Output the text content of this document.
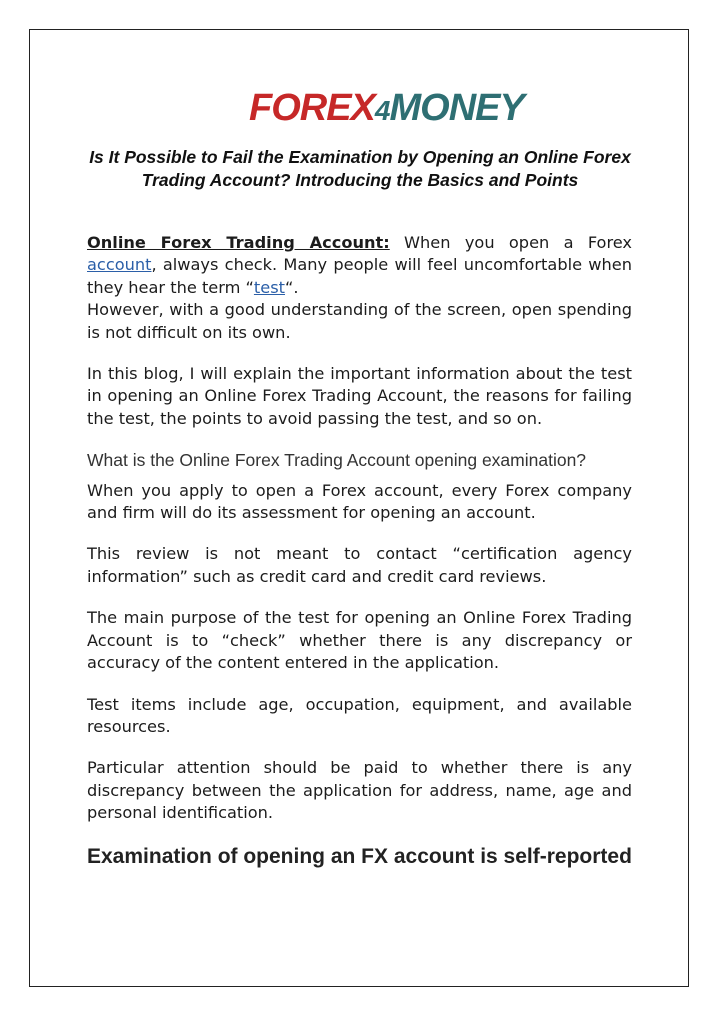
FOREX4MONEY
Is It Possible to Fail the Examination by Opening an Online Forex Trading Account? Introducing the Basics and Points

Online Forex Trading Account: When you open a Forex account, always check. Many people will feel uncomfortable when they hear the term “test“.

However, with a good understanding of the screen, open spending is not difficult on its own.

In this blog, I will explain the important information about the test in opening an Online Forex Trading Account, the reasons for failing the test, the points to avoid passing the test, and so on.

What is the Online Forex Trading Account opening examination?

When you apply to open a Forex account, every Forex company and firm will do its assessment for opening an account.

This review is not meant to contact “certification agency information” such as credit card and credit card reviews.

The main purpose of the test for opening an Online Forex Trading Account is to “check” whether there is any discrepancy or accuracy of the content entered in the application.

Test items include age, occupation, equipment, and available resources.

Particular attention should be paid to whether there is any discrepancy between the application for address, name, age and personal identification.

Examination of opening an FX account is self-reported
